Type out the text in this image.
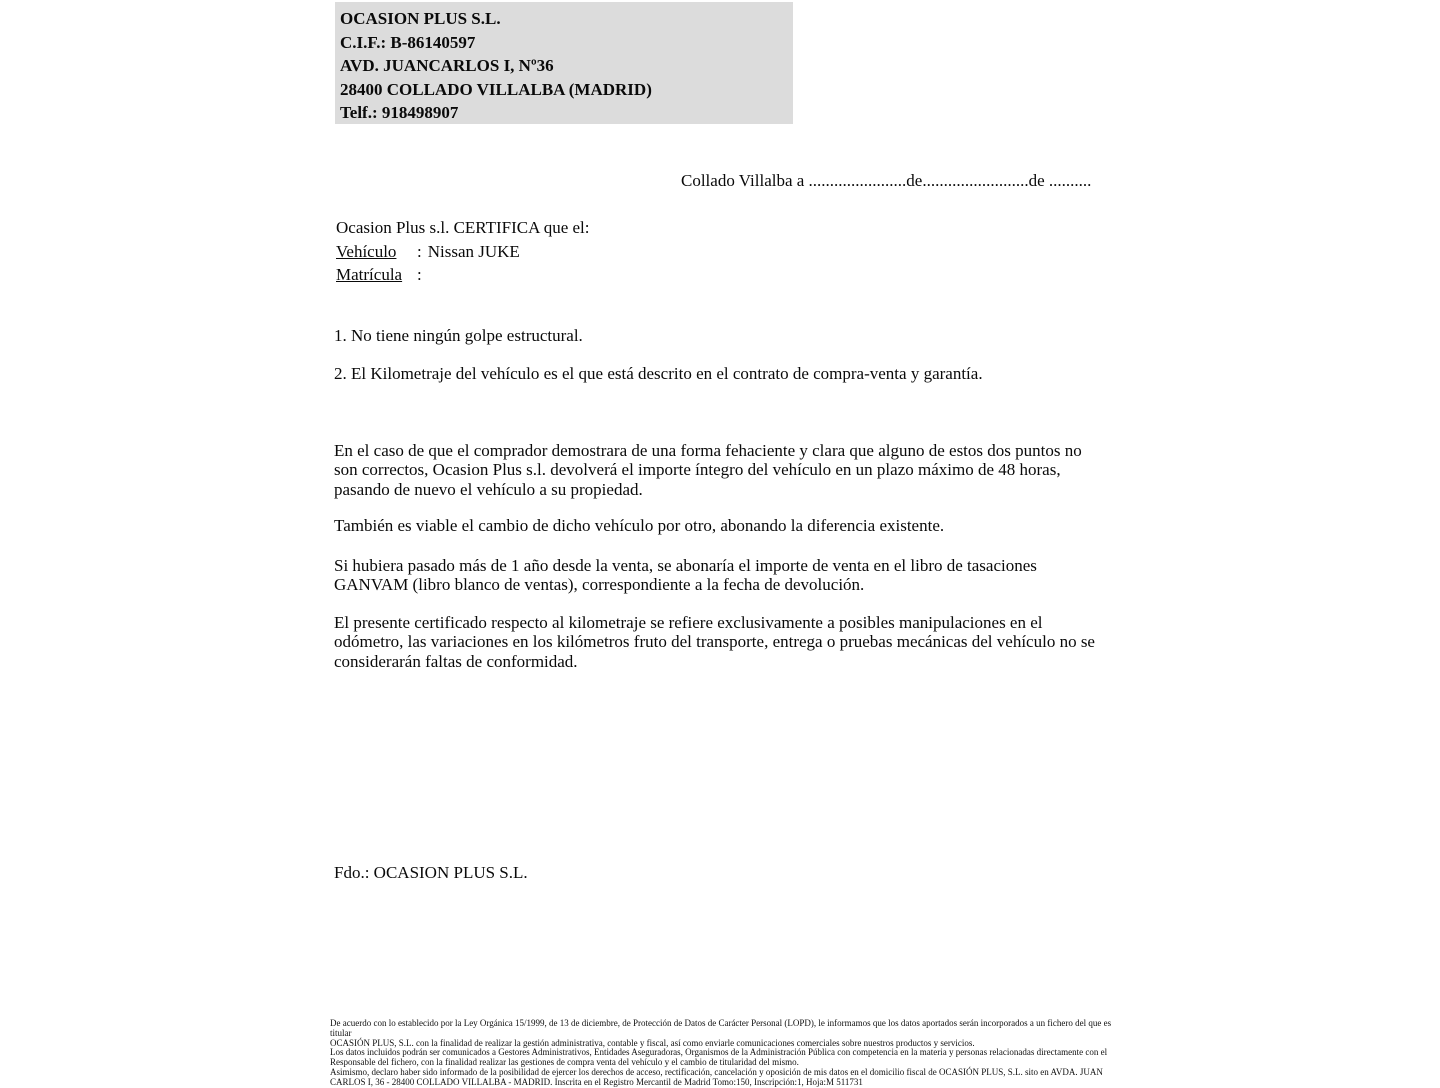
OCASION PLUS S.L.
C.I.F.: B-86140597
AVD. JUANCARLOS I, Nº36
28400 COLLADO VILLALBA (MADRID)
Telf.: 918498907
Collado Villalba a .......................de.........................de ..........
Ocasion Plus s.l. CERTIFICA que el:
Vehículo : Nissan JUKE
Matrícula :
1. No tiene ningún golpe estructural.
2. El Kilometraje del vehículo es el que está descrito en el contrato de compra-venta y garantía.
En el caso de que el comprador demostrara de una forma fehaciente y clara que alguno de estos dos puntos no son correctos, Ocasion Plus s.l. devolverá el importe íntegro del vehículo en un plazo máximo de 48 horas, pasando de nuevo el vehículo a su propiedad.
También es viable el cambio de dicho vehículo por otro, abonando la diferencia existente.
Si hubiera pasado más de 1 año desde la venta, se abonaría el importe de venta en el libro de tasaciones GANVAM (libro blanco de ventas), correspondiente a la fecha de devolución.
El presente certificado respecto al kilometraje se refiere exclusivamente a posibles manipulaciones en el odómetro, las variaciones en los kilómetros fruto del transporte, entrega o pruebas mecánicas del vehículo no se considerarán faltas de conformidad.
Fdo.: OCASION PLUS S.L.
De acuerdo con lo establecido por la Ley Orgánica 15/1999, de 13 de diciembre, de Protección de Datos de Carácter Personal (LOPD), le informamos que los datos aportados serán incorporados a un fichero del que es titular
OCASIÓN PLUS, S.L. con la finalidad de realizar la gestión administrativa, contable y fiscal, así como enviarle comunicaciones comerciales sobre nuestros productos y servicios.
Los datos incluidos podrán ser comunicados a Gestores Administrativos, Entidades Aseguradoras, Organismos de la Administración Pública con competencia en la materia y personas relacionadas directamente con el
Responsable del fichero, con la finalidad realizar las gestiones de compra venta del vehículo y el cambio de titularidad del mismo.
Asimismo, declaro haber sido informado de la posibilidad de ejercer los derechos de acceso, rectificación, cancelación y oposición de mis datos en el domicilio fiscal de OCASIÓN PLUS, S.L. sito en AVDA. JUAN
CARLOS I, 36 - 28400 COLLADO VILLALBA - MADRID. Inscrita en el Registro Mercantil de Madrid Tomo:150, Inscripción:1, Hoja:M 511731
